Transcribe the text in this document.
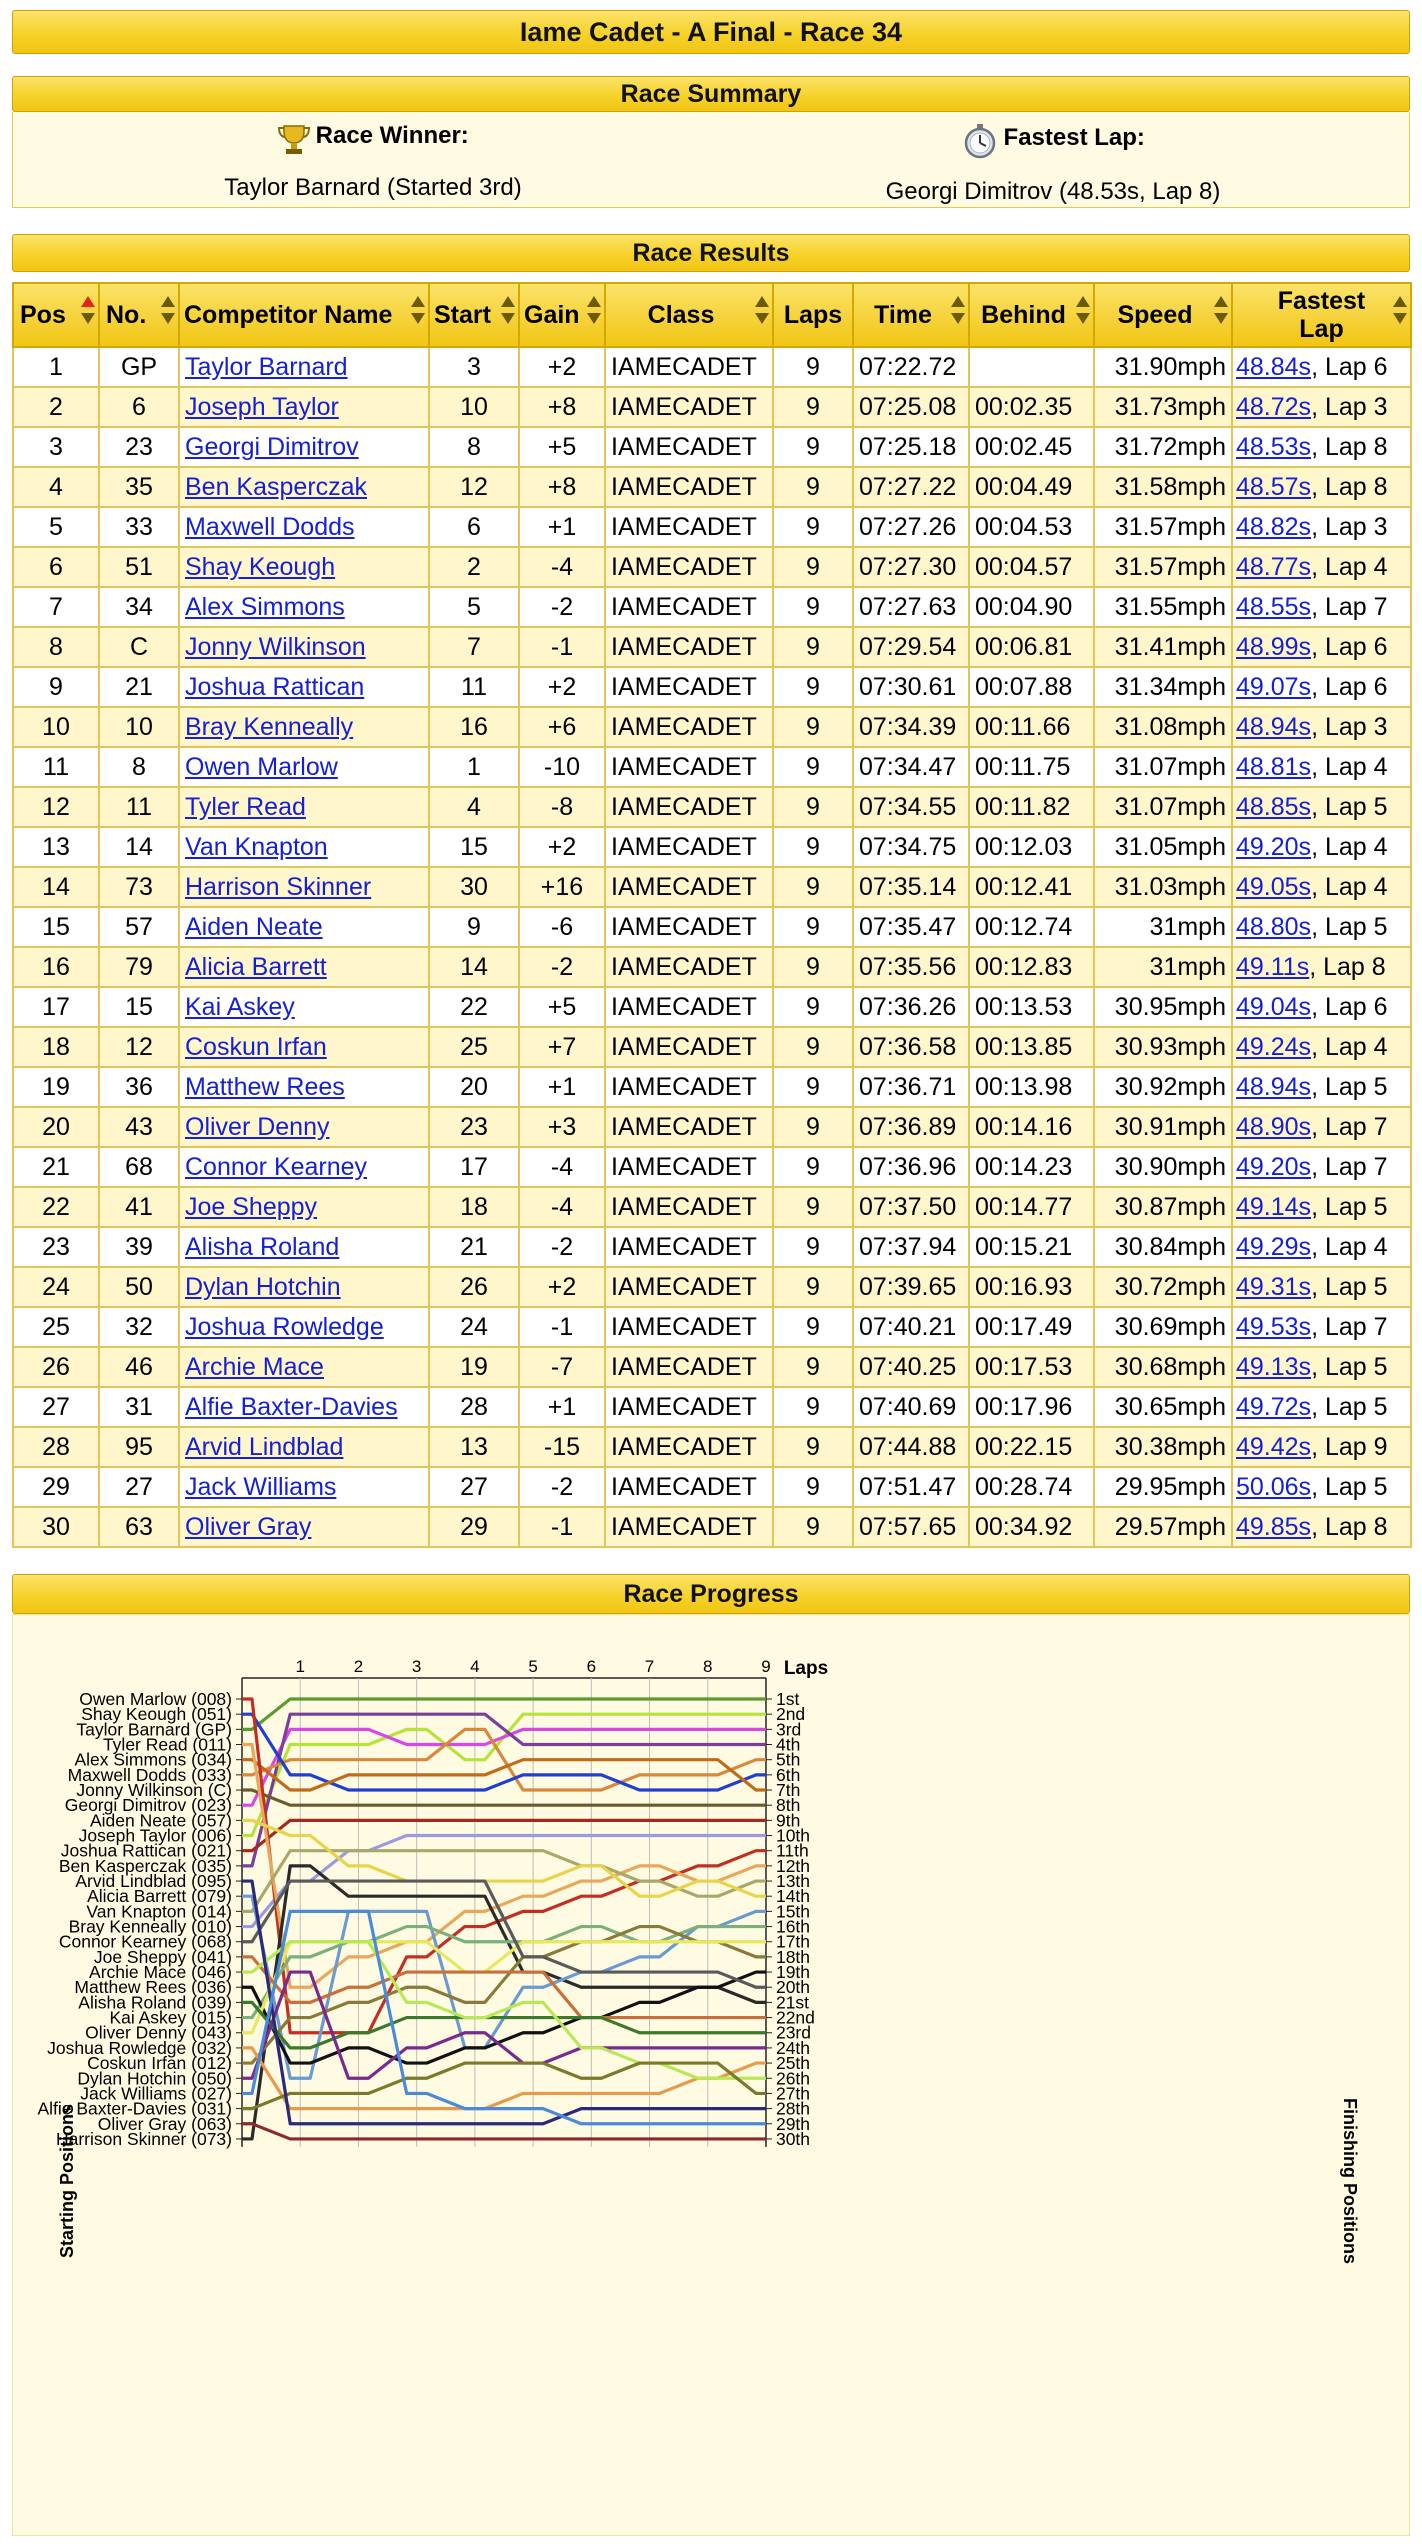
Iame Cadet - A Final - Race 34
Race Summary
Race Winner:
Taylor Barnard (Started 3rd)
Fastest Lap:
Georgi Dimitrov (48.53s, Lap 8)
Race Results
Pos	No.	Competitor Name	Start	Gain	Class	Laps	Time	Behind	Speed	Fastest Lap

1	GP	Taylor Barnard	3	+2	IAMECADET	9	07:22.72		31.90mph	48.84s, Lap 6
2	6	Joseph Taylor	10	+8	IAMECADET	9	07:25.08	00:02.35	31.73mph	48.72s, Lap 3
3	23	Georgi Dimitrov	8	+5	IAMECADET	9	07:25.18	00:02.45	31.72mph	48.53s, Lap 8
4	35	Ben Kasperczak	12	+8	IAMECADET	9	07:27.22	00:04.49	31.58mph	48.57s, Lap 8
5	33	Maxwell Dodds	6	+1	IAMECADET	9	07:27.26	00:04.53	31.57mph	48.82s, Lap 3
6	51	Shay Keough	2	-4	IAMECADET	9	07:27.30	00:04.57	31.57mph	48.77s, Lap 4
7	34	Alex Simmons	5	-2	IAMECADET	9	07:27.63	00:04.90	31.55mph	48.55s, Lap 7
8	C	Jonny Wilkinson	7	-1	IAMECADET	9	07:29.54	00:06.81	31.41mph	48.99s, Lap 6
9	21	Joshua Rattican	11	+2	IAMECADET	9	07:30.61	00:07.88	31.34mph	49.07s, Lap 6
10	10	Bray Kenneally	16	+6	IAMECADET	9	07:34.39	00:11.66	31.08mph	48.94s, Lap 3
11	8	Owen Marlow	1	-10	IAMECADET	9	07:34.47	00:11.75	31.07mph	48.81s, Lap 4
12	11	Tyler Read	4	-8	IAMECADET	9	07:34.55	00:11.82	31.07mph	48.85s, Lap 5
13	14	Van Knapton	15	+2	IAMECADET	9	07:34.75	00:12.03	31.05mph	49.20s, Lap 4
14	73	Harrison Skinner	30	+16	IAMECADET	9	07:35.14	00:12.41	31.03mph	49.05s, Lap 4
15	57	Aiden Neate	9	-6	IAMECADET	9	07:35.47	00:12.74	31mph	48.80s, Lap 5
16	79	Alicia Barrett	14	-2	IAMECADET	9	07:35.56	00:12.83	31mph	49.11s, Lap 8
17	15	Kai Askey	22	+5	IAMECADET	9	07:36.26	00:13.53	30.95mph	49.04s, Lap 6
18	12	Coskun Irfan	25	+7	IAMECADET	9	07:36.58	00:13.85	30.93mph	49.24s, Lap 4
19	36	Matthew Rees	20	+1	IAMECADET	9	07:36.71	00:13.98	30.92mph	48.94s, Lap 5
20	43	Oliver Denny	23	+3	IAMECADET	9	07:36.89	00:14.16	30.91mph	48.90s, Lap 7
21	68	Connor Kearney	17	-4	IAMECADET	9	07:36.96	00:14.23	30.90mph	49.20s, Lap 7
22	41	Joe Sheppy	18	-4	IAMECADET	9	07:37.50	00:14.77	30.87mph	49.14s, Lap 5
23	39	Alisha Roland	21	-2	IAMECADET	9	07:37.94	00:15.21	30.84mph	49.29s, Lap 4
24	50	Dylan Hotchin	26	+2	IAMECADET	9	07:39.65	00:16.93	30.72mph	49.31s, Lap 5
25	32	Joshua Rowledge	24	-1	IAMECADET	9	07:40.21	00:17.49	30.69mph	49.53s, Lap 7
26	46	Archie Mace	19	-7	IAMECADET	9	07:40.25	00:17.53	30.68mph	49.13s, Lap 5
27	31	Alfie Baxter-Davies	28	+1	IAMECADET	9	07:40.69	00:17.96	30.65mph	49.72s, Lap 5
28	95	Arvid Lindblad	13	-15	IAMECADET	9	07:44.88	00:22.15	30.38mph	49.42s, Lap 9
29	27	Jack Williams	27	-2	IAMECADET	9	07:51.47	00:28.74	29.95mph	50.06s, Lap 5
30	63	Oliver Gray	29	-1	IAMECADET	9	07:57.65	00:34.92	29.57mph	49.85s, Lap 8
Race Progress
Laps
Starting Positions	Finishing Positions
1	2	3	4	5	6	7	8	9
Owen Marlow (008)
Shay Keough (051)
Taylor Barnard (GP)
Tyler Read (011)
Alex Simmons (034)
Maxwell Dodds (033)
Jonny Wilkinson (C)
Georgi Dimitrov (023)
Aiden Neate (057)
Joseph Taylor (006)
Joshua Rattican (021)
Ben Kasperczak (035)
Arvid Lindblad (095)
Alicia Barrett (079)
Van Knapton (014)
Bray Kenneally (010)
Connor Kearney (068)
Joe Sheppy (041)
Archie Mace (046)
Matthew Rees (036)
Alisha Roland (039)
Kai Askey (015)
Oliver Denny (043)
Joshua Rowledge (032)
Coskun Irfan (012)
Dylan Hotchin (050)
Jack Williams (027)
Alfie Baxter-Davies (031)
Oliver Gray (063)
Harrison Skinner (073)
1st
2nd
3rd
4th
5th
6th
7th
8th
9th
10th
11th
12th
13th
14th
15th
16th
17th
18th
19th
20th
21st
22nd
23rd
24th
25th
26th
27th
28th
29th
30th
